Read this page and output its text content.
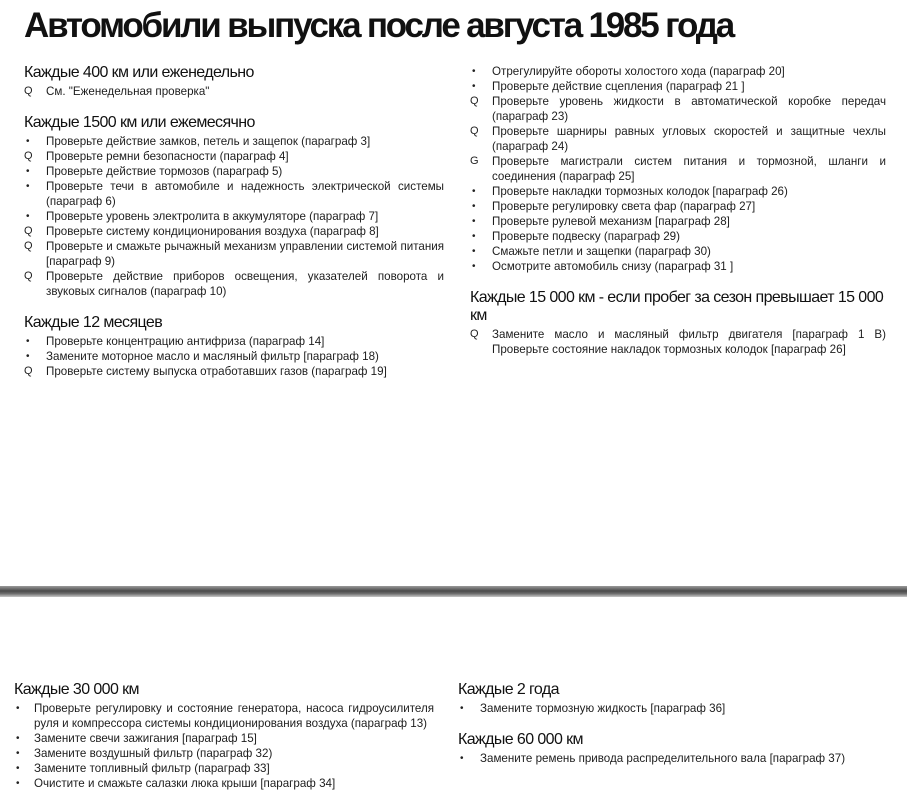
Автомобили выпуска после августа 1985 года
Каждые 400 км или еженедельно
Q	См. "Еженедельная проверка"
Каждые 1500 км или ежемесячно
•	Проверьте действие замков, петель и защепок (параграф 3]
Q	Проверьте ремни безопасности (параграф 4]
•	Проверьте действие тормозов (параграф 5)
•	Проверьте течи в автомобиле и надежность электрической системы (параграф 6)
•	Проверьте уровень электролита в аккумуляторе (параграф 7]
Q	Проверьте систему кондиционирования воздуха (параграф 8]
Q	Проверьте и смажьте рычажный механизм управлении системой питания [параграф 9)
Q	Проверьте действие приборов освещения, указателей поворота и звуковых сигналов (параграф 10)
Каждые 12 месяцев
•	Проверьте концентрацию антифриза (параграф 14]
•	Замените моторное масло и масляный фильтр [параграф 18)
Q	Проверьте систему выпуска отработавших газов (параграф 19]
•	Отрегулируйте обороты холостого хода (параграф 20]
•	Проверьте действие сцепления (параграф 21 ]
Q	Проверьте уровень жидкости в автоматической коробке передач (параграф 23)
Q	Проверьте шарниры равных угловых скоростей и защитные чехлы (параграф 24)
G	Проверьте магистрали систем питания и тормозной, шланги и соединения (параграф 25]
•	Проверьте накладки тормозных колодок [параграф 26)
•	Проверьте регулировку света фар (параграф 27]
•	Проверьте рулевой механизм [параграф 28]
•	Проверьте подвеску (параграф 29)
•	Смажьте петли и защепки (параграф 30)
•	Осмотрите автомобиль снизу (параграф 31 ]
Каждые 15 000 км - если пробег за сезон превышает 15 000 км
Q	Замените масло и масляный фильтр двигателя [параграф 1 В) Проверьте состояние накладок тормозных колодок [параграф 26]
Каждые 30 000 км
•	Проверьте регулировку и состояние генератора, насоса гидроусилителя руля и компрессора системы кондиционирования воздуха (параграф 13)
•	Замените свечи зажигания [параграф 15]
•	Замените воздушный фильтр (параграф 32)
•	Замените топливный фильтр (параграф 33]
•	Очистите и смажьте салазки люка крыши [параграф 34]
Каждые 2 года
•	Замените тормозную жидкость [параграф 36]
Каждые 60 000 км
•	Замените ремень привода распределительного вала [параграф 37)
